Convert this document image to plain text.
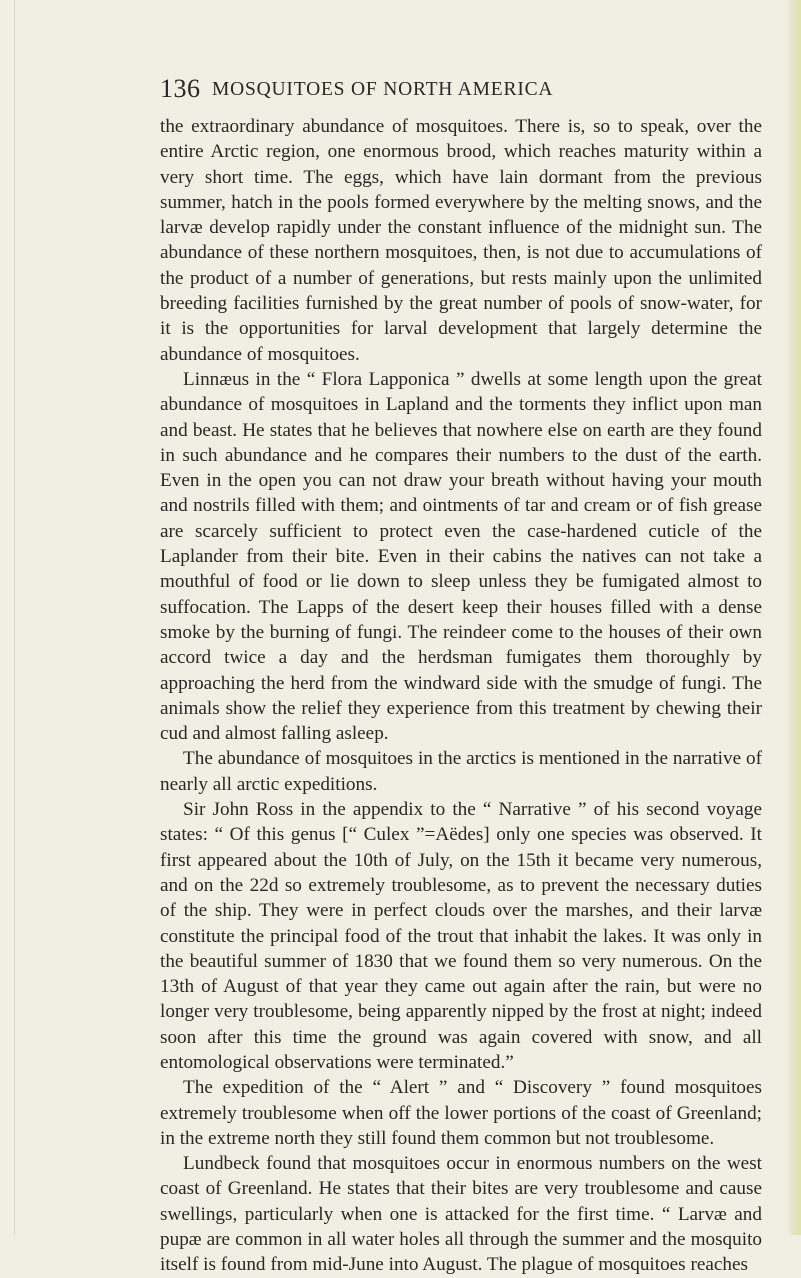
136 MOSQUITOES OF NORTH AMERICA

the extraordinary abundance of mosquitoes. There is, so to speak, over the entire Arctic region, one enormous brood, which reaches maturity within a very short time. The eggs, which have lain dormant from the previous summer, hatch in the pools formed everywhere by the melting snows, and the larvæ develop rapidly under the constant influence of the midnight sun. The abundance of these northern mosquitoes, then, is not due to accumulations of the product of a number of generations, but rests mainly upon the unlimited breeding facilities furnished by the great number of pools of snow-water, for it is the opportunities for larval development that largely determine the abundance of mosquitoes.

Linnæus in the “ Flora Lapponica ” dwells at some length upon the great abundance of mosquitoes in Lapland and the torments they inflict upon man and beast. He states that he believes that nowhere else on earth are they found in such abundance and he compares their numbers to the dust of the earth. Even in the open you can not draw your breath without having your mouth and nostrils filled with them; and ointments of tar and cream or of fish grease are scarcely sufficient to protect even the case-hardened cuticle of the Laplander from their bite. Even in their cabins the natives can not take a mouthful of food or lie down to sleep unless they be fumigated almost to suffocation. The Lapps of the desert keep their houses filled with a dense smoke by the burning of fungi. The reindeer come to the houses of their own accord twice a day and the herdsman fumigates them thoroughly by approaching the herd from the windward side with the smudge of fungi. The animals show the relief they experience from this treatment by chewing their cud and almost falling asleep.

The abundance of mosquitoes in the arctics is mentioned in the narrative of nearly all arctic expeditions.

Sir John Ross in the appendix to the “ Narrative ” of his second voyage states: “ Of this genus [“ Culex ”=Aëdes] only one species was observed. It first appeared about the 10th of July, on the 15th it became very numerous, and on the 22d so extremely troublesome, as to prevent the necessary duties of the ship. They were in perfect clouds over the marshes, and their larvæ constitute the principal food of the trout that inhabit the lakes. It was only in the beautiful summer of 1830 that we found them so very numerous. On the 13th of August of that year they came out again after the rain, but were no longer very troublesome, being apparently nipped by the frost at night; indeed soon after this time the ground was again covered with snow, and all entomological observations were terminated.”

The expedition of the “ Alert ” and “ Discovery ” found mosquitoes extremely troublesome when off the lower portions of the coast of Greenland; in the extreme north they still found them common but not troublesome.

Lundbeck found that mosquitoes occur in enormous numbers on the west coast of Greenland. He states that their bites are very troublesome and cause swellings, particularly when one is attacked for the first time. “ Larvæ and pupæ are common in all water holes all through the summer and the mosquito itself is found from mid-June into August. The plague of mosquitoes reaches
